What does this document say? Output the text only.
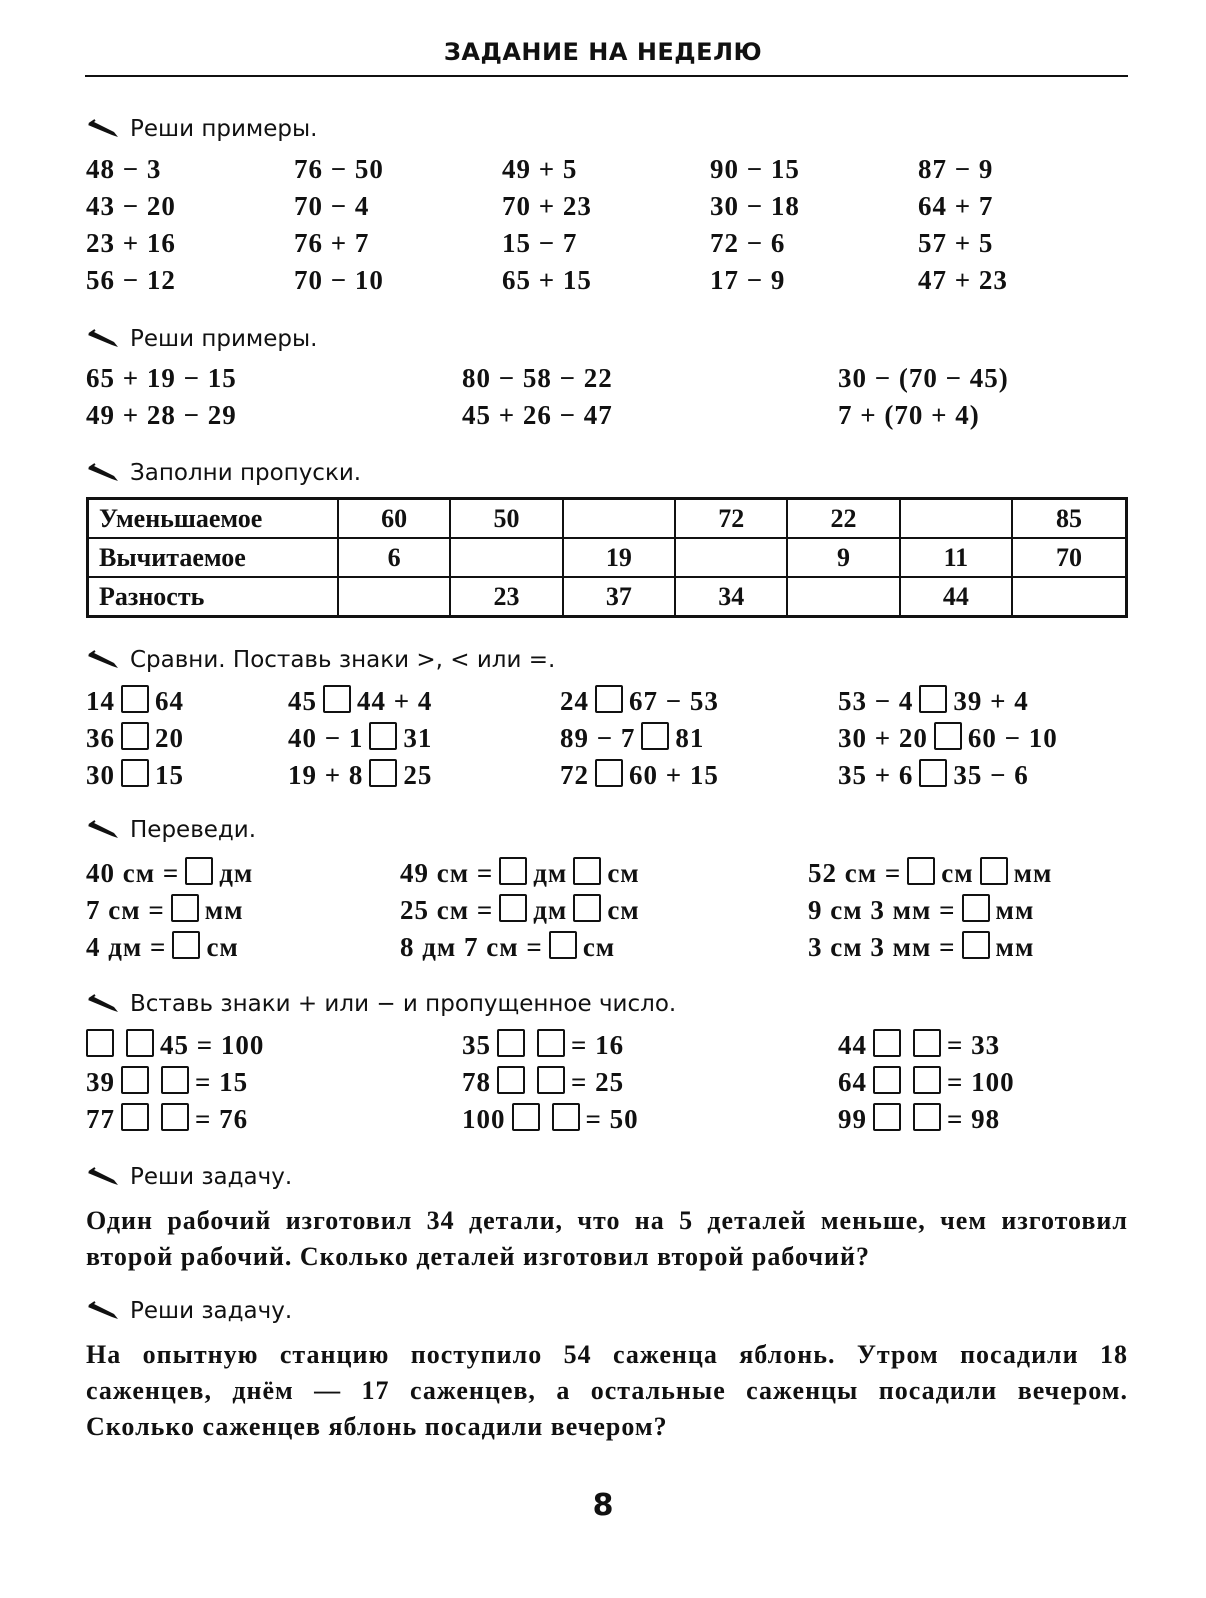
ЗАДАНИЕ НА НЕДЕЛЮ
Реши примеры.
48 − 3	76 − 50	49 + 5	90 − 15	87 − 9
43 − 20	70 − 4	70 + 23	30 − 18	64 + 7
23 + 16	76 + 7	15 − 7	72 − 6	57 + 5
56 − 12	70 − 10	65 + 15	17 − 9	47 + 23
Реши примеры.
65 + 19 − 15	80 − 58 − 22	30 − (70 − 45)
49 + 28 − 29	45 + 26 − 47	7 + (70 + 4)
Заполни пропуски.
Уменьшаемое	60	50		72	22		85
Вычитаемое	6		19		9	11	70
Разность		23	37	34		44	
Сравни. Поставь знаки >, < или =.
14 64	45 44 + 4	24 67 − 53	53 − 4 39 + 4
36 20	40 − 1 31	89 − 7 81	30 + 20 60 − 10
30 15	19 + 8 25	72 60 + 15	35 + 6 35 − 6
Переведи.
40 см = дм	49 см = дм см	52 см = см мм
7 см = мм	25 см = дм см	9 см 3 мм = мм
4 дм = см	8 дм 7 см = см	3 см 3 мм = мм
Вставь знаки + или − и пропущенное число.
45 = 100	35	= 16	44	= 33
39	= 15	78	= 25	64	= 100
77	= 76	100	= 50	99	= 98
Реши задачу.
Один рабочий изготовил 34 детали, что на 5 деталей меньше, чем изготовил второй рабочий. Сколько деталей изготовил второй рабочий?
Реши задачу.
На опытную станцию поступило 54 саженца яблонь. Утром посадили 18 саженцев, днём — 17 саженцев, а остальные саженцы посадили вечером. Сколько саженцев яблонь посадили вечером?
8
